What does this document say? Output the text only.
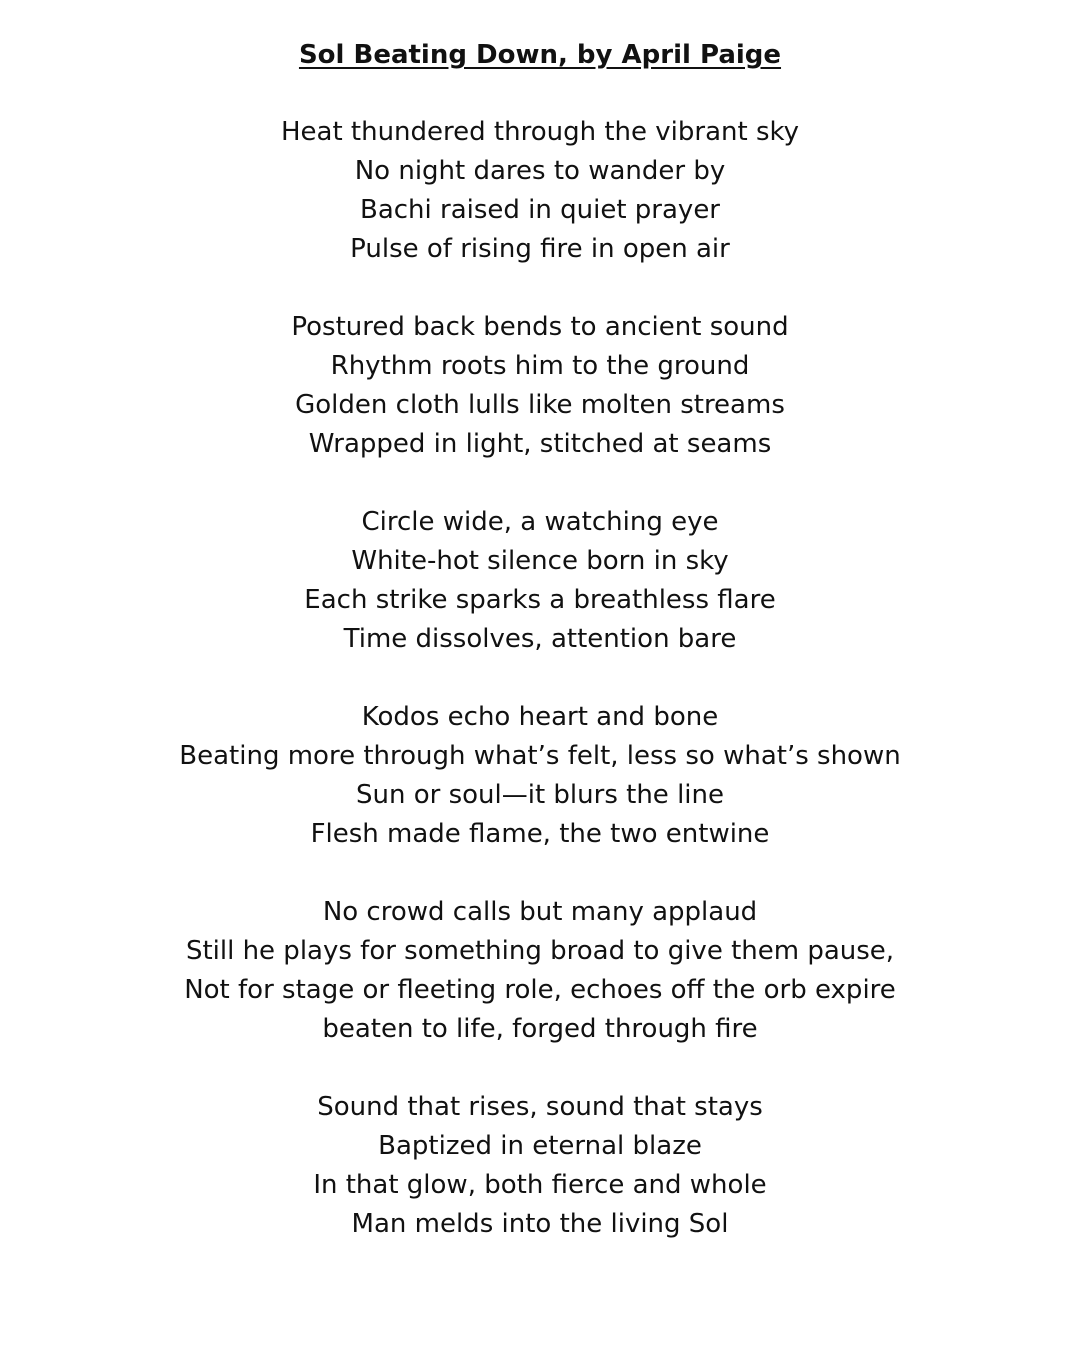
Sol Beating Down, by April Paige
Heat thundered through the vibrant sky
No night dares to wander by
Bachi raised in quiet prayer
Pulse of rising fire in open air
Postured back bends to ancient sound
Rhythm roots him to the ground
Golden cloth lulls like molten streams
Wrapped in light, stitched at seams
Circle wide, a watching eye
White-hot silence born in sky
Each strike sparks a breathless flare
Time dissolves, attention bare
Kodos echo heart and bone
Beating more through what’s felt, less so what’s shown
Sun or soul—it blurs the line
Flesh made flame, the two entwine
No crowd calls but many applaud
Still he plays for something broad to give them pause,
Not for stage or fleeting role, echoes off the orb expire
beaten to life, forged through fire
Sound that rises, sound that stays
Baptized in eternal blaze
In that glow, both fierce and whole
Man melds into the living Sol
